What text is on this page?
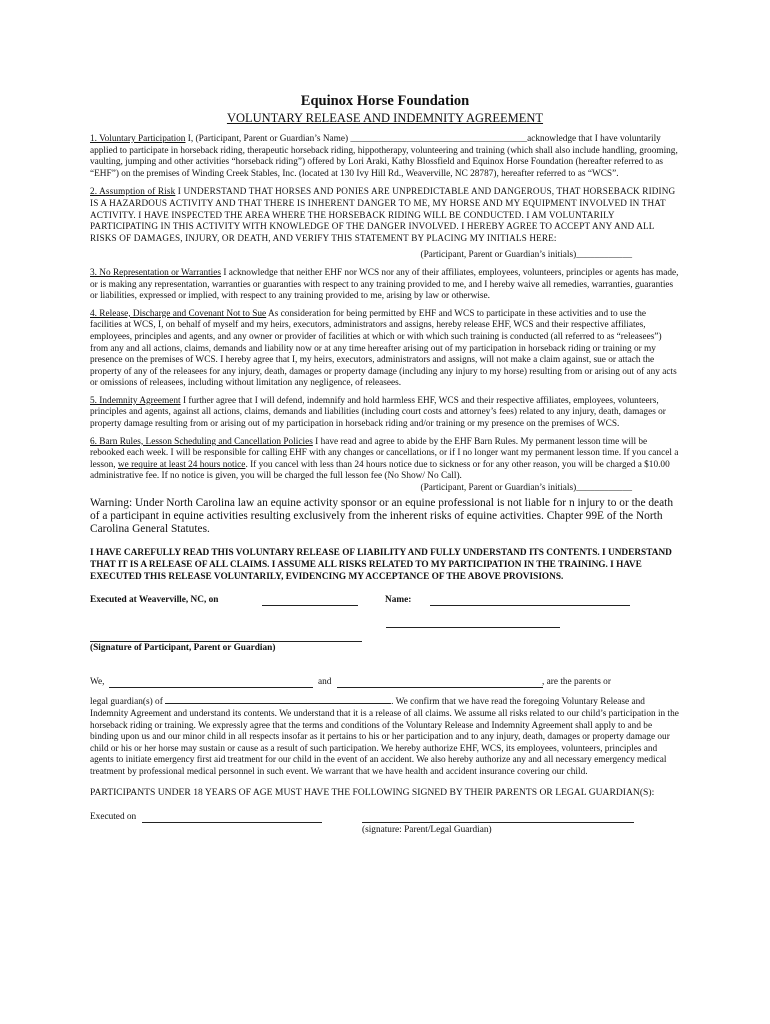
Equinox Horse Foundation
VOLUNTARY RELEASE AND INDEMNITY AGREEMENT

1. Voluntary Participation I, (Participant, Parent or Guardian’s Name) ______________________________________acknowledge that I have voluntarily applied to participate in horseback riding, therapeutic horseback riding, hippotherapy, volunteering and training (which shall also include handling, grooming, vaulting, jumping and other activities “horseback riding”) offered by Lori Araki, Kathy Blossfield and Equinox Horse Foundation (hereafter referred to as “EHF”) on the premises of Winding Creek Stables, Inc. (located at 130 Ivy Hill Rd., Weaverville, NC 28787), hereafter referred to as “WCS”.

2. Assumption of Risk I UNDERSTAND THAT HORSES AND PONIES ARE UNPREDICTABLE AND DANGEROUS, THAT HORSEBACK RIDING IS A HAZARDOUS ACTIVITY AND THAT THERE IS INHERENT DANGER TO ME, MY HORSE AND MY EQUIPMENT INVOLVED IN THAT ACTIVITY. I HAVE INSPECTED THE AREA WHERE THE HORSEBACK RIDING WILL BE CONDUCTED. I AM VOLUNTARILY PARTICIPATING IN THIS ACTIVITY WITH KNOWLEDGE OF THE DANGER INVOLVED. I HEREBY AGREE TO ACCEPT ANY AND ALL RISKS OF DAMAGES, INJURY, OR DEATH, AND VERIFY THIS STATEMENT BY PLACING MY INITIALS HERE:

(Participant, Parent or Guardian’s initials)____________

3. No Representation or Warranties I acknowledge that neither EHF nor WCS nor any of their affiliates, employees, volunteers, principles or agents has made, or is making any representation, warranties or guaranties with respect to any training provided to me, and I hereby waive all remedies, warranties, guaranties or liabilities, expressed or implied, with respect to any training provided to me, arising by law or otherwise.

4. Release, Discharge and Covenant Not to Sue As consideration for being permitted by EHF and WCS to participate in these activities and to use the facilities at WCS, I, on behalf of myself and my heirs, executors, administrators and assigns, hereby release EHF, WCS and their respective affiliates, employees, principles and agents, and any owner or provider of facilities at which or with which such training is conducted (all referred to as “releasees”) from any and all actions, claims, demands and liability now or at any time hereafter arising out of my participation in horseback riding or training or my presence on the premises of WCS. I hereby agree that I, my heirs, executors, administrators and assigns, will not make a claim against, sue or attach the property of any of the releasees for any injury, death, damages or property damage (including any injury to my horse) resulting from or arising out of any acts or omissions of releasees, including without limitation any negligence, of releasees.

5. Indemnity Agreement I further agree that I will defend, indemnify and hold harmless EHF, WCS and their respective affiliates, employees, volunteers, principles and agents, against all actions, claims, demands and liabilities (including court costs and attorney’s fees) related to any injury, death, damages or property damage resulting from or arising out of my participation in horseback riding and/or training or my presence on the premises of WCS.

6. Barn Rules, Lesson Scheduling and Cancellation Policies I have read and agree to abide by the EHF Barn Rules. My permanent lesson time will be rebooked each week. I will be responsible for calling EHF with any changes or cancellations, or if I no longer want my permanent lesson time. If you cancel a lesson, we require at least 24 hours notice. If you cancel with less than 24 hours notice due to sickness or for any other reason, you will be charged a $10.00 administrative fee. If no notice is given, you will be charged the full lesson fee (No Show/ No Call).

(Participant, Parent or Guardian’s initials)____________

Warning: Under North Carolina law an equine activity sponsor or an equine professional is not liable for n injury to or the death of a participant in equine activities resulting exclusively from the inherent risks of equine activities. Chapter 99E of the North Carolina General Statutes.

I HAVE CAREFULLY READ THIS VOLUNTARY RELEASE OF LIABILITY AND FULLY UNDERSTAND ITS CONTENTS. I UNDERSTAND THAT IT IS A RELEASE OF ALL CLAIMS. I ASSUME ALL RISKS RELATED TO MY PARTICIPATION IN THE TRAINING. I HAVE EXECUTED THIS RELEASE VOLUNTARILY, EVIDENCING MY ACCEPTANCE OF THE ABOVE PROVISIONS.

Executed at Weaverville, NC, on	Name:
(Signature of Participant, Parent or Guardian)
We,	and	, are the parents or

legal guardian(s) of	. We confirm that we have read the foregoing Voluntary Release and Indemnity Agreement and understand its contents. We understand that it is a release of all claims. We assume all risks related to our child’s participation in the horseback riding or training. We expressly agree that the terms and conditions of the Voluntary Release and Indemnity Agreement shall apply to and be binding upon us and our minor child in all respects insofar as it pertains to his or her participation and to any injury, death, damages or property damage our child or his or her horse may sustain or cause as a result of such participation. We hereby authorize EHF, WCS, its employees, volunteers, principles and agents to initiate emergency first aid treatment for our child in the event of an accident. We also hereby authorize any and all necessary emergency medical treatment by professional medical personnel in such event. We warrant that we have health and accident insurance covering our child.

PARTICIPANTS UNDER 18 YEARS OF AGE MUST HAVE THE FOLLOWING SIGNED BY THEIR PARENTS OR LEGAL GUARDIAN(S):

Executed on
(signature: Parent/Legal Guardian)
